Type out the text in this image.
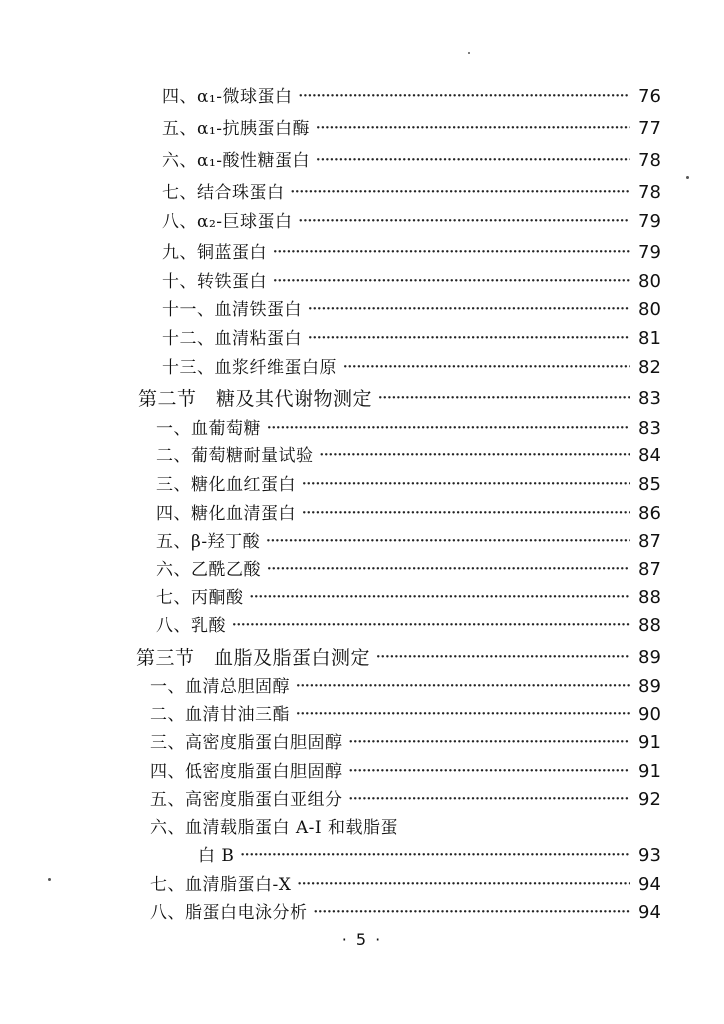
四、α₁-微球蛋白 ·····	76
五、α₁-抗胰蛋白酶 ·····	77
六、α₁-酸性糖蛋白 ·····	78
七、结合珠蛋白 ·····	78
八、α₂-巨球蛋白 ·····	79
九、铜蓝蛋白 ·····	79
十、转铁蛋白 ·····	80
十一、血清铁蛋白 ·····	80
十二、血清粘蛋白 ·····	81
十三、血浆纤维蛋白原 ·····	82
第二节　糖及其代谢物测定 ·····	83
一、血葡萄糖 ·····	83
二、葡萄糖耐量试验 ·····	84
三、糖化血红蛋白 ·····	85
四、糖化血清蛋白 ·····	86
五、β-羟丁酸 ·····	87
六、乙酰乙酸 ·····	87
七、丙酮酸 ·····	88
八、乳酸 ·····	88
第三节　血脂及脂蛋白测定 ·····	89
一、血清总胆固醇 ·····	89
二、血清甘油三酯 ·····	90
三、高密度脂蛋白胆固醇 ·····	91
四、低密度脂蛋白胆固醇 ·····	91
五、高密度脂蛋白亚组分 ·····	92
六、血清载脂蛋白 A-I 和载脂蛋
白 B ·····	93
七、血清脂蛋白-X ·····	94
八、脂蛋白电泳分析 ·····	94
· 5 ·
